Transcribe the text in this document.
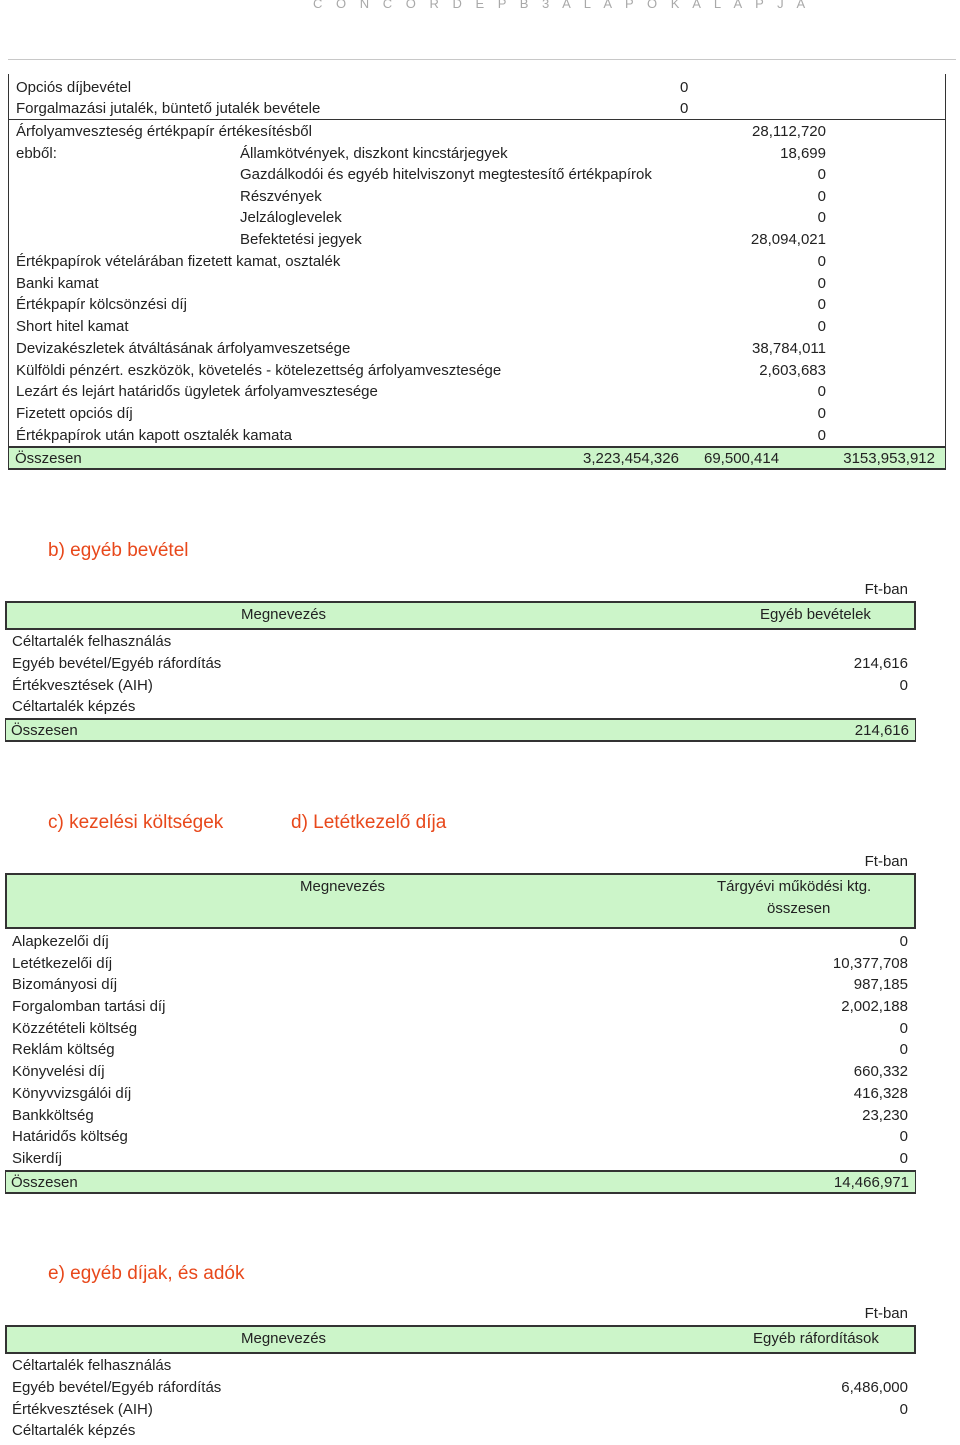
C O N C O R D E P B 3 A L A P O K A L A P J A
Opciós díjbevétel	0
Forgalmazási jutalék, büntető jutalék bevétele	0
Árfolyamveszteség értékpapír értékesítésből	28,112,720
ebből:	Államkötvények, diszkont kincstárjegyek	18,699
Gazdálkodói és egyéb hitelviszonyt megtestesítő értékpapírok	0
Részvények	0
Jelzáloglevelek	0
Befektetési jegyek	28,094,021
Értékpapírok vételárában fizetett kamat, osztalék	0
Banki kamat	0
Értékpapír kölcsönzési díj	0
Short hitel kamat	0
Devizakészletek átváltásának árfolyamveszetsége	38,784,011
Külföldi pénzért. eszközök, követelés - kötelezettség árfolyamvesztesége	2,603,683
Lezárt és lejárt határidős ügyletek árfolyamvesztesége	0
Fizetett opciós díj	0
Értékpapírok után kapott osztalék kamata	0
Összesen	3,223,454,326 69,500,414	3153,953,912
b) egyéb bevétel
Ft-ban
Megnevezés	Egyéb bevételek
Céltartalék felhasználás
Egyéb bevétel/Egyéb ráfordítás	214,616
Értékvesztések (AIH)	0
Céltartalék képzés
Összesen	214,616
c) kezelési költségek	d) Letétkezelő díja
Ft-ban
Megnevezés	Tárgyévi működési ktg.
összesen
Alapkezelői díj	0
Letétkezelői díj	10,377,708
Bizományosi díj	987,185
Forgalomban tartási díj	2,002,188
Közzétételi költség	0
Reklám költség	0
Könyvelési díj	660,332
Könyvvizsgálói díj	416,328
Bankköltség	23,230
Határidős költség	0
Sikerdíj	0
Összesen	14,466,971
e) egyéb díjak, és adók
Ft-ban
Megnevezés	Egyéb ráfordítások
Céltartalék felhasználás
Egyéb bevétel/Egyéb ráfordítás	6,486,000
Értékvesztések (AIH)	0
Céltartalék képzés
